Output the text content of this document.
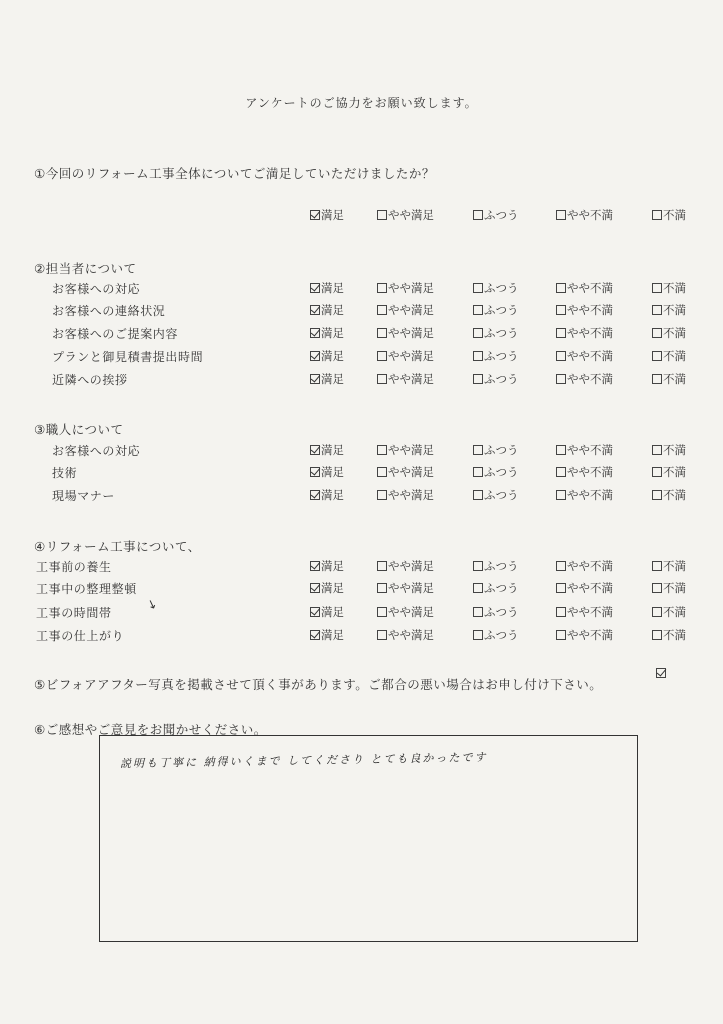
アンケートのご協力をお願い致します。
①今回のリフォーム工事全体についてご満足していただけましたか？
満足	やや満足	ふつう	やや不満	不満
②担当者について
お客様への対応	満足	やや満足	ふつう	やや不満	不満
お客様への連絡状況	満足	やや満足	ふつう	やや不満	不満
お客様へのご提案内容	満足	やや満足	ふつう	やや不満	不満
プランと御見積書提出時間	満足	やや満足	ふつう	やや不満	不満
近隣への挨拶	満足	やや満足	ふつう	やや不満	不満
③職人について
お客様への対応	満足	やや満足	ふつう	やや不満	不満
技術	満足	やや満足	ふつう	やや不満	不満
現場マナー	満足	やや満足	ふつう	やや不満	不満
④リフォーム工事について、
工事前の養生	満足	やや満足	ふつう	やや不満	不満
工事中の整理整頓	満足	やや満足	ふつう	やや不満	不満
工事の時間帯	満足	やや満足	ふつう	やや不満	不満
工事の仕上がり	満足	やや満足	ふつう	やや不満	不満
↘
⑤ビフォアアフター写真を掲載させて頂く事があります。ご都合の悪い場合はお申し付け下さい。
⑥ご感想やご意見をお聞かせください。
説明も丁寧に 納得いくまで してくださり とても良かったです
